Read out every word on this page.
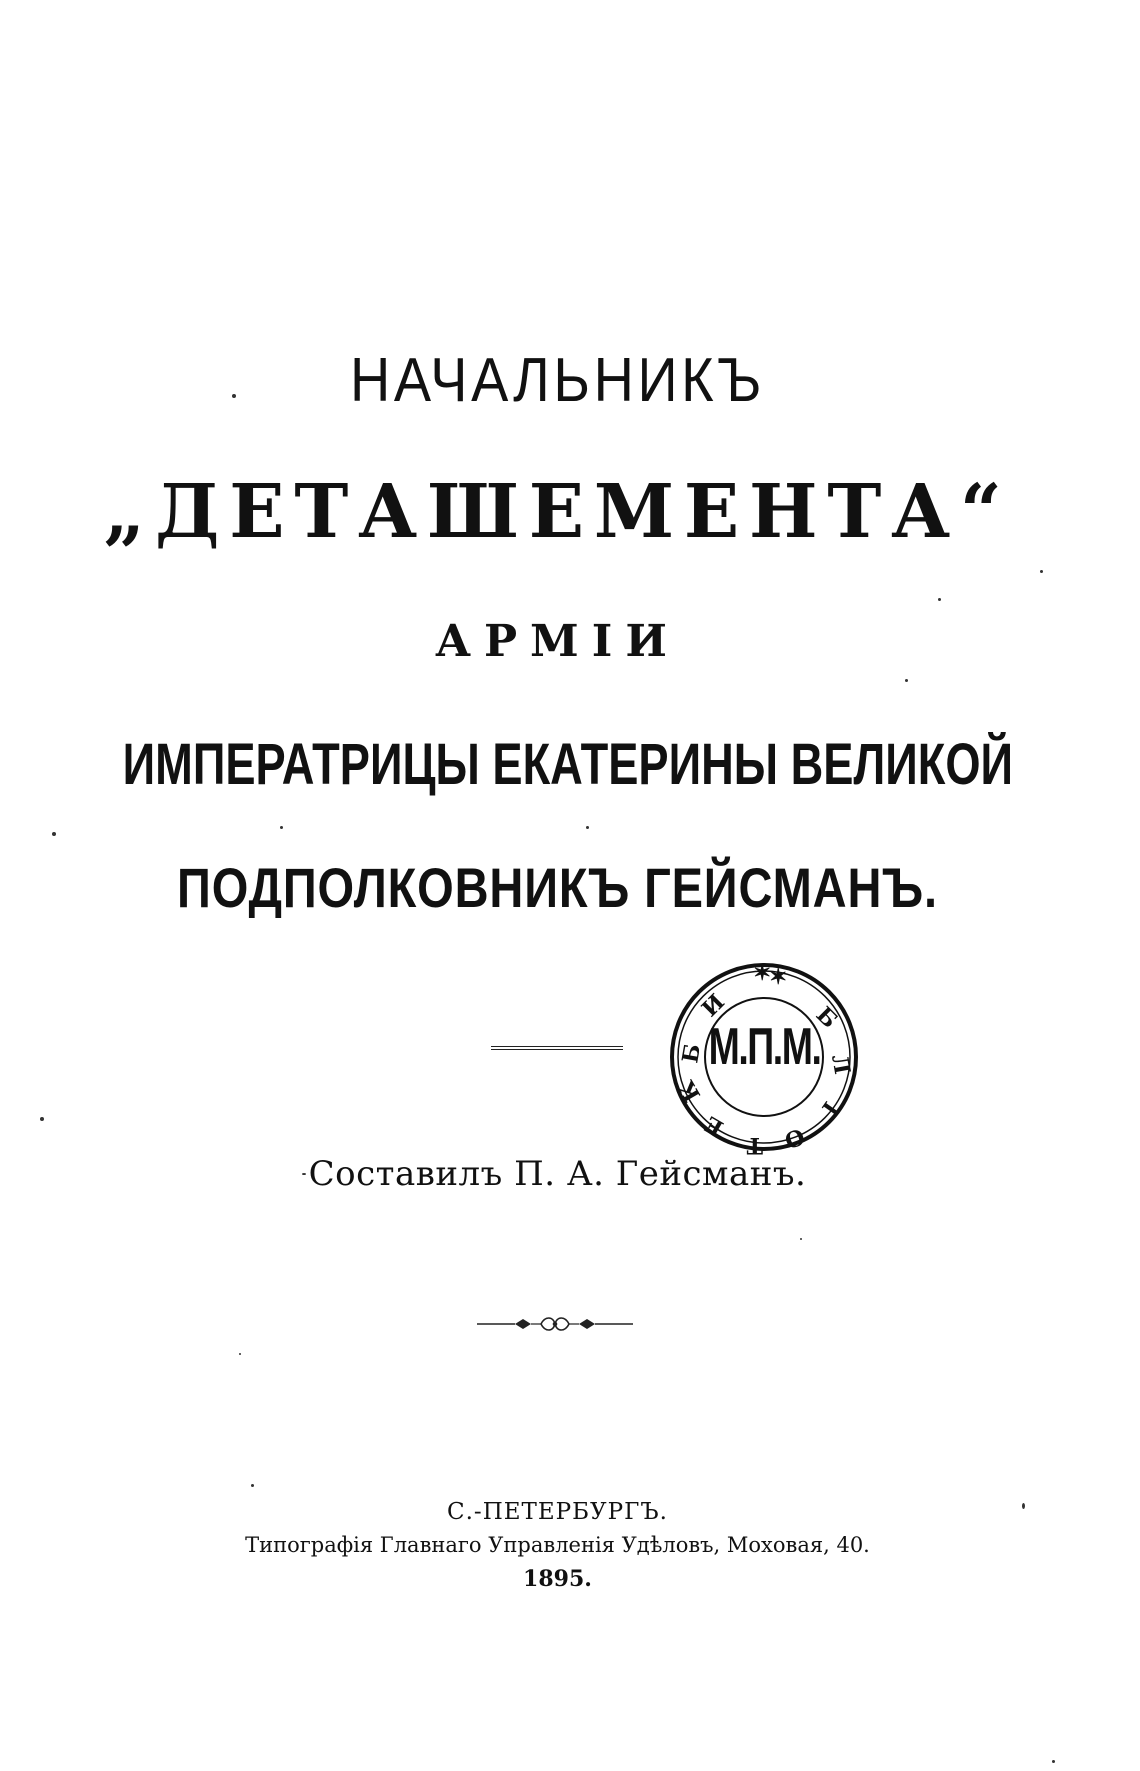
НАЧАЛЬНИКЪ
„ДЕТАШЕМЕНТА“
АРМІИ
ИМПЕРАТРИЦЫ ЕКАТЕРИНЫ ВЕЛИКОЙ
ПОДПОЛКОВНИКЪ ГЕЙСМАНЪ.
Б
И	Б
Л
І
О
Т
Е
К
✶
✶
М.П.М.
Составилъ П. А. Гейсманъ.
С.-ПЕТЕРБУРГЪ.
Типографія Главнаго Управленія Удѣловъ, Моховая, 40.
1895.
